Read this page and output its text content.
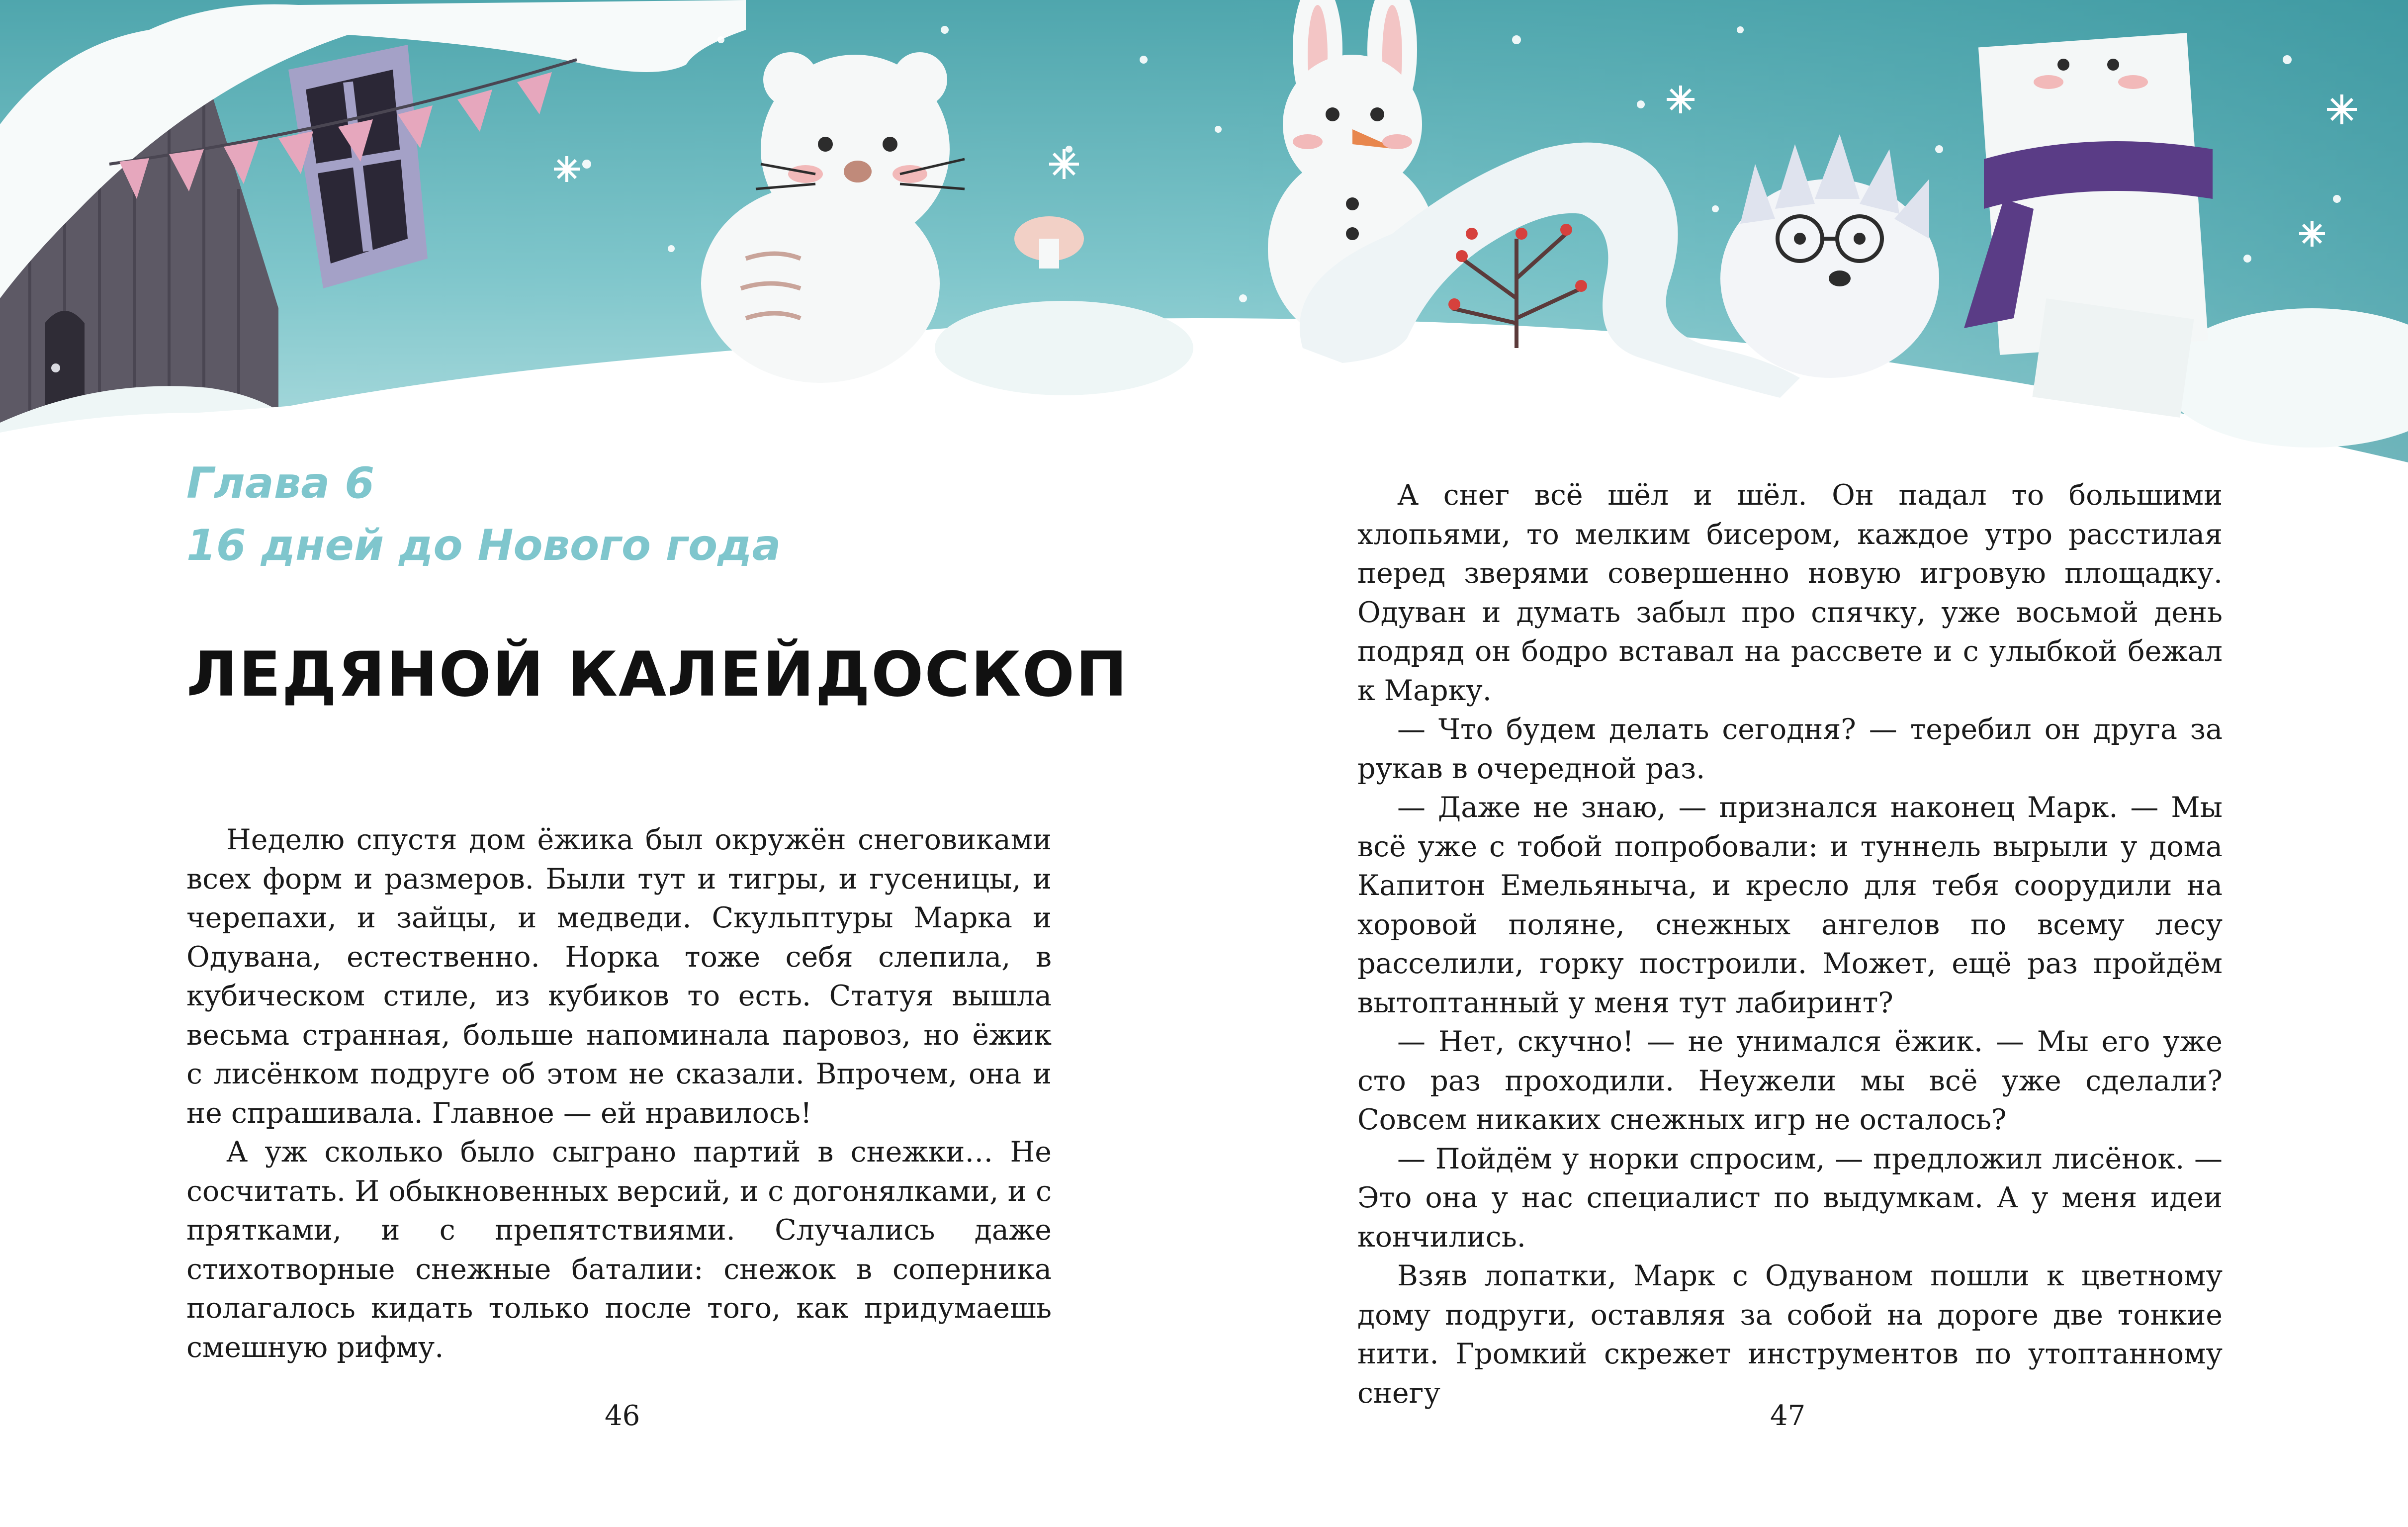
Глава 6
16 дней до Нового года
ЛЕДЯНОЙ КАЛЕЙДОСКОП

Неделю спустя дом ёжика был окружён снеговиками всех форм и размеров. Были тут и тигры, и гусеницы, и черепахи, и зайцы, и медведи. Скульптуры Марка и Одувана, естественно. Норка тоже себя слепила, в кубическом стиле, из кубиков то есть. Статуя вышла весьма странная, больше напоминала паровоз, но ёжик с лисёнком подруге об этом не сказали. Впрочем, она и не спрашивала. Главное — ей нравилось!

А уж сколько было сыграно партий в снежки… Не сосчитать. И обыкновенных версий, и с догонялками, и с прятками, и с препятствиями. Случались даже стихотворные снежные баталии: снежок в соперника полагалось кидать только после того, как придумаешь смешную рифму.

А снег всё шёл и шёл. Он падал то большими хлопьями, то мелким бисером, каждое утро расстилая перед зверями совершенно новую игровую площадку. Одуван и думать забыл про спячку, уже восьмой день подряд он бодро вставал на рассвете и с улыбкой бежал к Марку.

— Что будем делать сегодня? — теребил он друга за рукав в очередной раз.

— Даже не знаю, — признался наконец Марк. — Мы всё уже с тобой попробовали: и туннель вырыли у дома Капитон Емельяныча, и кресло для тебя соорудили на хоровой поляне, снежных ангелов по всему лесу расселили, горку построили. Может, ещё раз пройдём вытоптанный у меня тут лабиринт?

— Нет, скучно! — не унимался ёжик. — Мы его уже сто раз проходили. Неужели мы всё уже сделали? Совсем никаких снежных игр не осталось?

— Пойдём у норки спросим, — предложил лисёнок. — Это она у нас специалист по выдумкам. А у меня идеи кончились.

Взяв лопатки, Марк с Одуваном пошли к цветному дому подруги, оставляя за собой на дороге две тонкие нити. Громкий скрежет инструментов по утоптанному снегу

46	47
